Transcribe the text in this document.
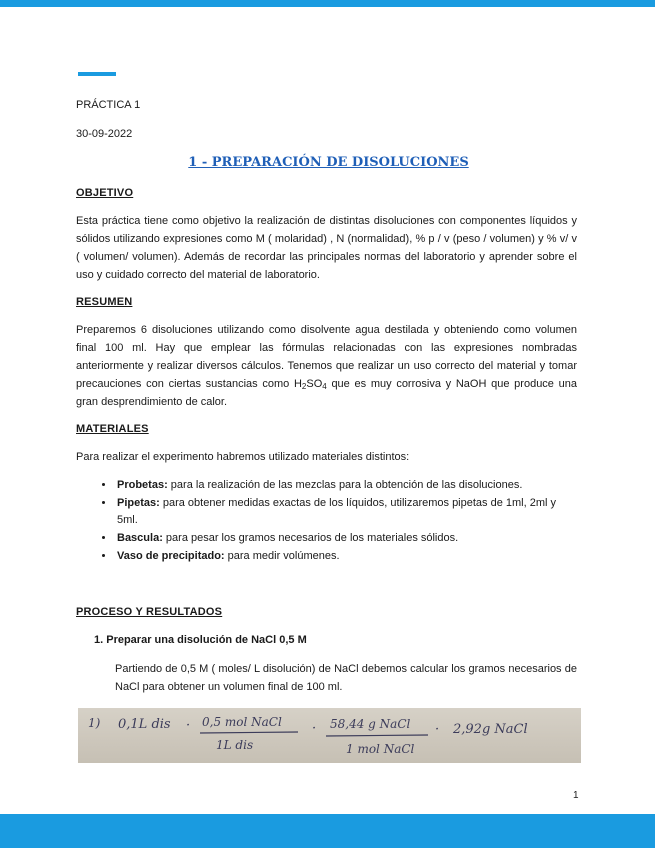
PRÁCTICA 1

30-09-2022

1 - PREPARACIÓN DE DISOLUCIONES
OBJETIVO

Esta práctica tiene como objetivo la realización de distintas disoluciones con componentes líquidos y sólidos utilizando expresiones como M ( molaridad) , N (normalidad), % p / v (peso / volumen) y % v/ v ( volumen/ volumen). Además de recordar las principales normas del laboratorio y aprender sobre el uso y cuidado correcto del material de laboratorio.

RESUMEN

Preparemos 6 disoluciones utilizando como disolvente agua destilada y obteniendo como volumen final 100 ml. Hay que emplear las fórmulas relacionadas con las expresiones nombradas anteriormente y realizar diversos cálculos. Tenemos que realizar un uso correcto del material y tomar precauciones con ciertas sustancias como $H_2SO_4$ que es muy corrosiva y NaOH que produce una gran desprendimiento de calor.

MATERIALES

Para realizar el experimento habremos utilizado materiales distintos:

• Probetas: para la realización de las mezclas para la obtención de las disoluciones.
• Pipetas: para obtener medidas exactas de los líquidos, utilizaremos pipetas de 1ml, 2ml y 5ml.
• Bascula: para pesar los gramos necesarios de los materiales sólidos.
• Vaso de precipitado: para medir volúmenes.
PROCESO Y RESULTADOS

1. Preparar una disolución de NaCl 0,5 M

Partiendo de 0,5 M ( moles/ L disolución) de NaCl debemos calcular los gramos necesarios de NaCl para obtener un volumen final de 100 ml.

1) 0,1L dis · 0,5 mol NaCl
1L dis
· 58,44 g NaCl
1 mol NaCl
· 2,92g NaCl

1
